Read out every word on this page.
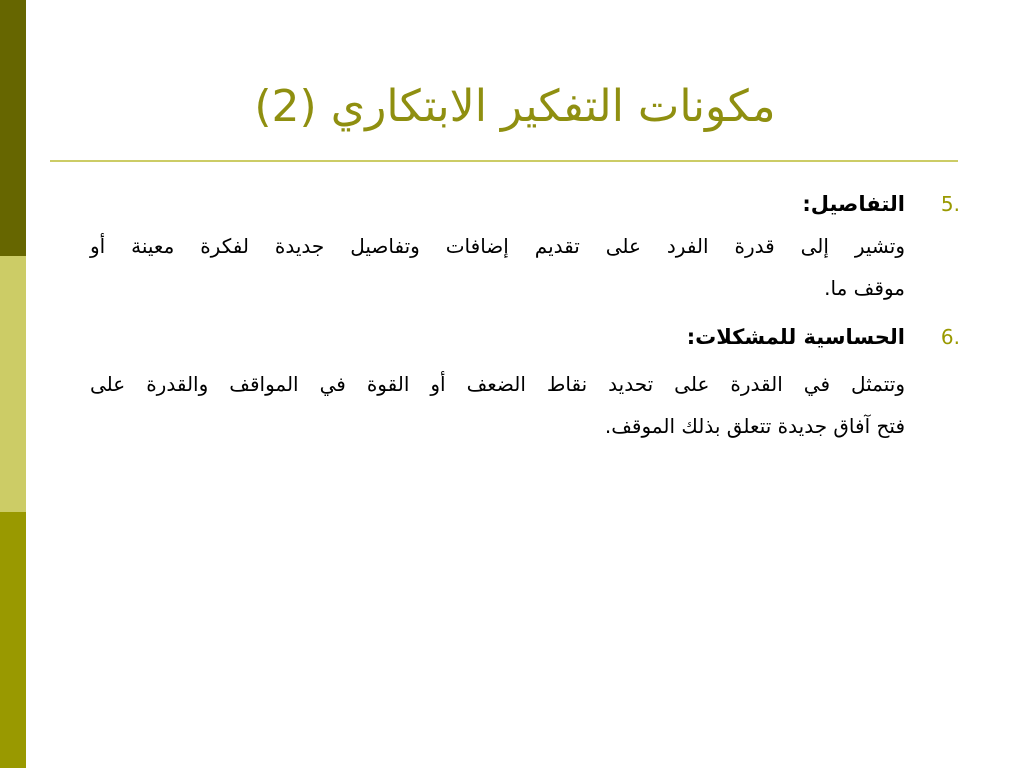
مكونات التفكير الابتكاري (2)
5.
التفاصيل:
وتشير إلى قدرة الفرد على تقديم إضافات وتفاصيل جديدة لفكرة معينة أو
موقف ما.
6.
الحساسية للمشكلات:
وتتمثل في القدرة على تحديد نقاط الضعف أو القوة في المواقف والقدرة على
فتح آفاق جديدة تتعلق بذلك الموقف.
